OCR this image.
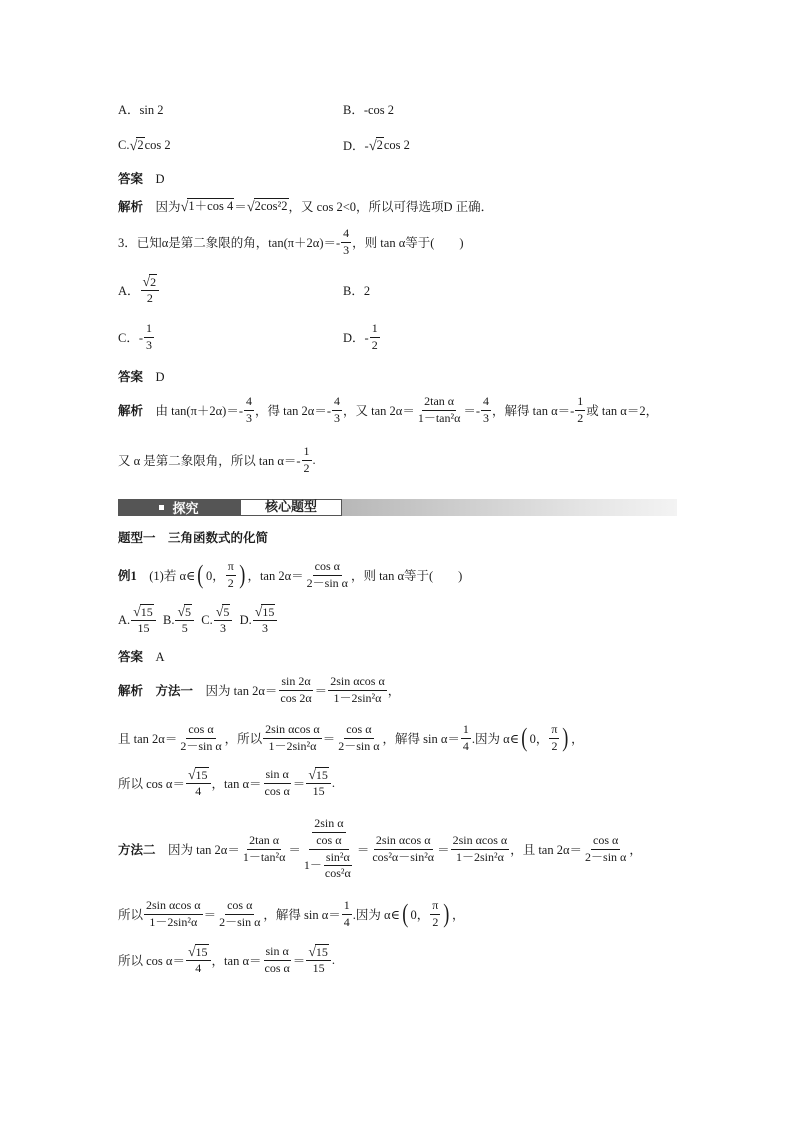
A．sin 2	B．-cos 2
C. √ 2 cos 2	D．- √ 2 cos 2
答案 　D
解析 　因为 √ 1＋cos 4 ＝ √ 2cos²2 ，又 cos 2<0，所以可得选项D 正确．
3．已知α是第二象限的角，$\tan(\pi+2\alpha)=- \frac{4}{3}$ ，则 tan α等于(　　)
A． √ $\frac{2}{2}$	B．2
C．- $\frac{1}{3}$	D．- $\frac{1}{2}$
答案 　D
解析 　由 $\tan(\pi+2\alpha)=- \frac{4}{3}$ ，得 $\tan 2\alpha=- \frac{4}{3}$ ，又 $\tan 2\alpha= \frac{\text{2tan α}}{\text{1－tan²α}} =- \frac{4}{3}$ ，解得 $\tan \alpha=- \frac{1}{2}$ 或 tan α＝2，
又 α 是第二象限角，所以 $\tan \alpha=- \frac{1}{2}$ .
探究	核心题型
题型一　三角函数式的化简
例1 　(1)若 α∈ ( 0， $\frac{\pi}{2}$ ) ，$\tan 2\alpha= \frac{\text{cos α}}{\text{2－sin α}}$ ，则 tan α等于(　　)
A. √ $\frac{15}{15} B$. √ $\frac{5}{5} C$. √ $\frac{5}{3} D$. √ $\frac{15}{3}$
答案 　A
解析
　 方法一 　因为 $\tan 2\alpha= \frac{\sin 2\alpha}{\cos 2\alpha} = \frac{\text{2sin αcos α}}{\text{1－2sin²α}}$ ，
且 $\tan 2\alpha= \frac{\text{cos α}}{\text{2－sin α}}$ ，所以 $\frac{\text{2sin αcos α}}{\text{1－2sin²α}} = \frac{\text{cos α}}{\text{2－sin α}}$ ，解得 $\sin \alpha= \frac{1}{4}$ .因为 α∈ ( 0， $\frac{\pi}{2}$ ) ，
所以 cos α＝ √ $\frac{15}{4}$ ，$\tan \alpha= \frac{\text{sin α}}{\text{cos α}}$ ＝ √ $\frac{15}{15}$ .
方法二 　因为 $\tan 2\alpha= \frac{\text{2tan α}}{\text{1－tan²α}} = \frac{\frac{\text{2sin α}}{\text{cos α}}}{1- \frac{\text{sin²α}}{\text{cos²α}}} = \frac{\text{2sin αcos α}}{\text{cos²α－sin²α}} = \frac{\text{2sin αcos α}}{\text{1－2sin²α}}$ ，且 $\tan 2\alpha= \frac{\text{cos α}}{\text{2－sin α}}$ ，
所以 $\frac{\text{2sin αcos α}}{\text{1－2sin²α}} = \frac{\text{cos α}}{\text{2－sin α}}$ ，解得 $\sin \alpha= \frac{1}{4}$ .因为 α∈ ( 0， $\frac{\pi}{2}$ ) ，
所以 cos α＝ √ $\frac{15}{4}$ ，$\tan \alpha= \frac{\text{sin α}}{\text{cos α}}$ ＝ √ $\frac{15}{15}$ .
